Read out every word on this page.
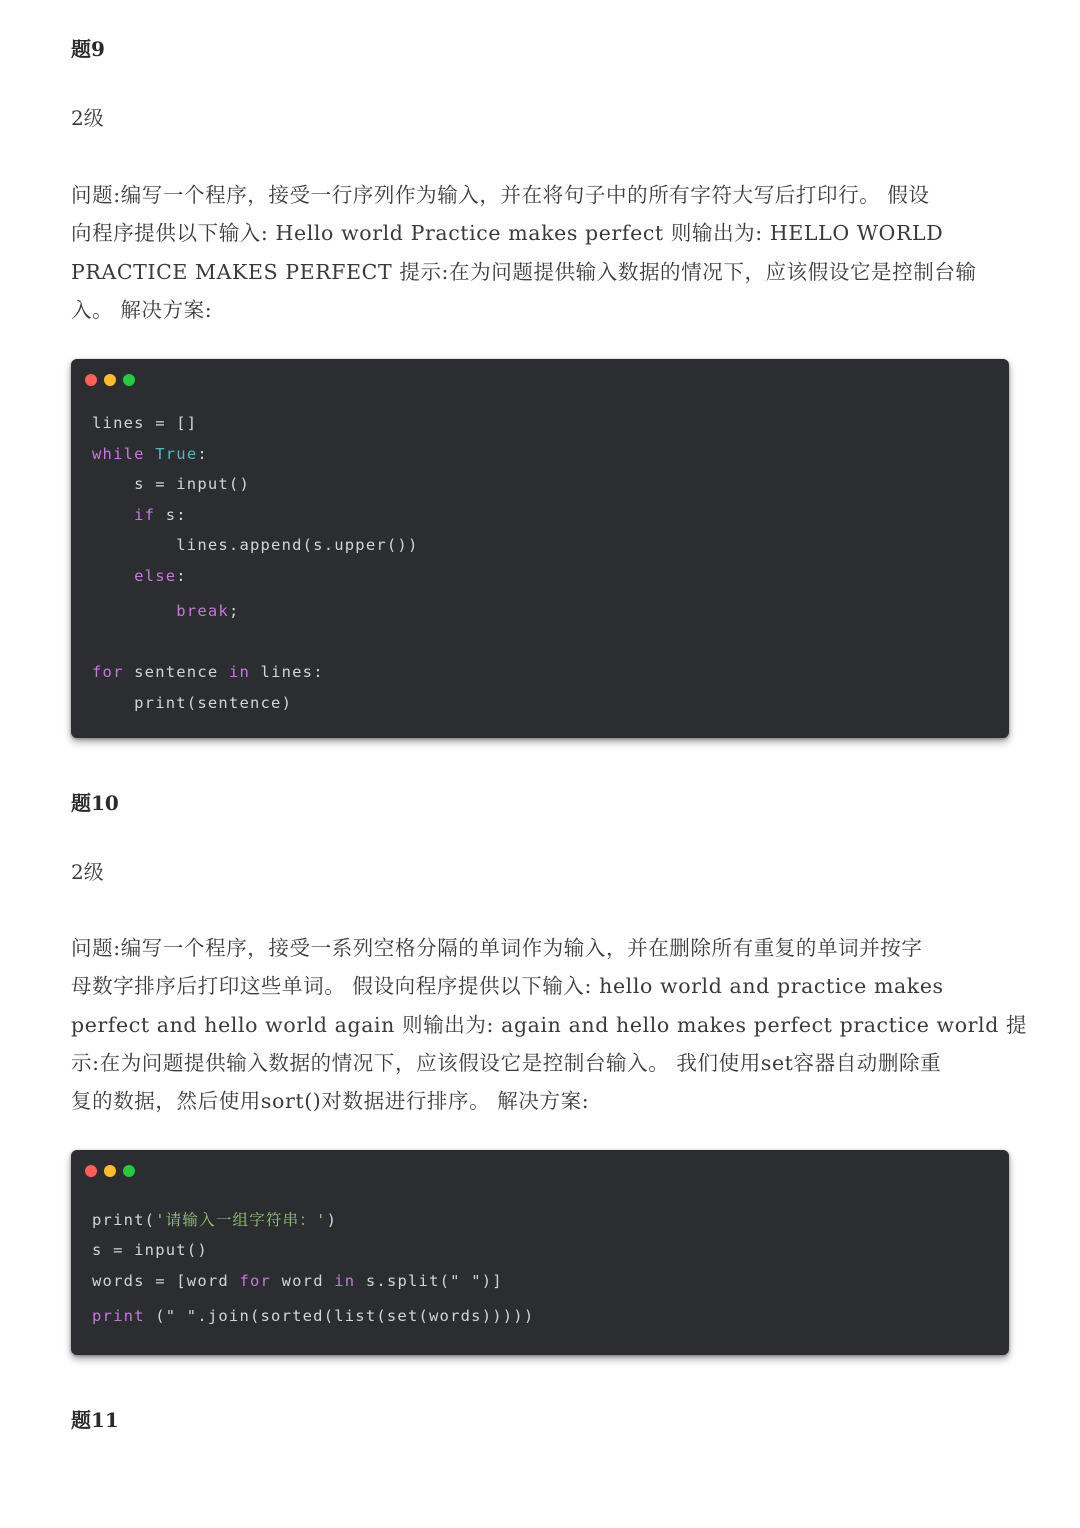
题9
2级
问题:编写一个程序，接受一行序列作为输入，并在将句子中的所有字符大写后打印行。 假设
向程序提供以下输入: Hello world Practice makes perfect 则输出为: HELLO WORLD
PRACTICE MAKES PERFECT 提示:在为问题提供输入数据的情况下，应该假设它是控制台输
入。 解决方案:
lines = []
while True:
s = input()
if s:
lines.append(s.upper())
else:
break;
for sentence in lines:
print(sentence)
题10
2级
问题:编写一个程序，接受一系列空格分隔的单词作为输入，并在删除所有重复的单词并按字
母数字排序后打印这些单词。 假设向程序提供以下输入: hello world and practice makes
perfect and hello world again 则输出为: again and hello makes perfect practice world 提
示:在为问题提供输入数据的情况下，应该假设它是控制台输入。 我们使用set容器自动删除重
复的数据，然后使用sort()对数据进行排序。 解决方案:
print('请输入一组字符串：')
s = input()
words = [word for word in s.split(" ")]
print (" ".join(sorted(list(set(words)))))
题11
